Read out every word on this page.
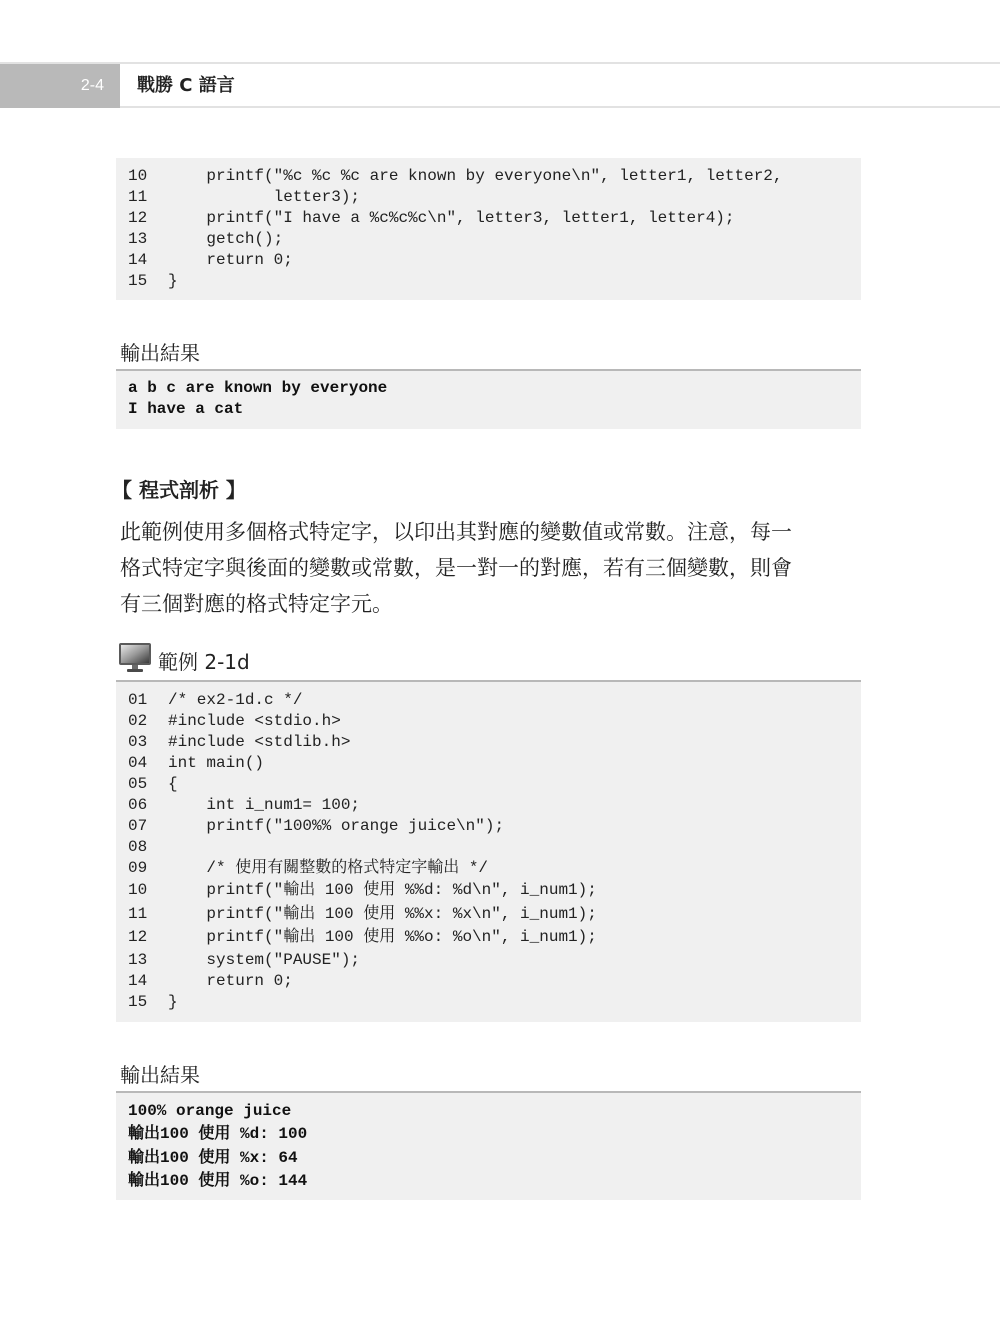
2-4	戰勝 C 語言
10 printf("%c %c %c are known by everyone\n", letter1, letter2,
11 letter3);
12 printf("I have a %c%c%c\n", letter3, letter1, letter4);
13 getch();
14 return 0;
15 }
輸出結果
a b c are known by everyone
I have a cat
【 程式剖析 】
此範例使用多個格式特定字，以印出其對應的變數值或常數。注意，每一
格式特定字與後面的變數或常數，是一對一的對應，若有三個變數，則會
有三個對應的格式特定字元。
範例 2-1d
01 /* ex2-1d.c */
02 #include <stdio.h>
03 #include <stdlib.h>
04 int main()
05 {
06 int i_num1= 100;
07 printf("100%% orange juice\n");
08
09 /* 使用有關整數的格式特定字輸出 */
10 printf("輸出 100 使用 %%d: %d\n", i_num1);
11 printf("輸出 100 使用 %%x: %x\n", i_num1);
12 printf("輸出 100 使用 %%o: %o\n", i_num1);
13 system("PAUSE");
14 return 0;
15 }
輸出結果
100% orange juice
輸出100 使用 %d: 100
輸出100 使用 %x: 64
輸出100 使用 %o: 144
